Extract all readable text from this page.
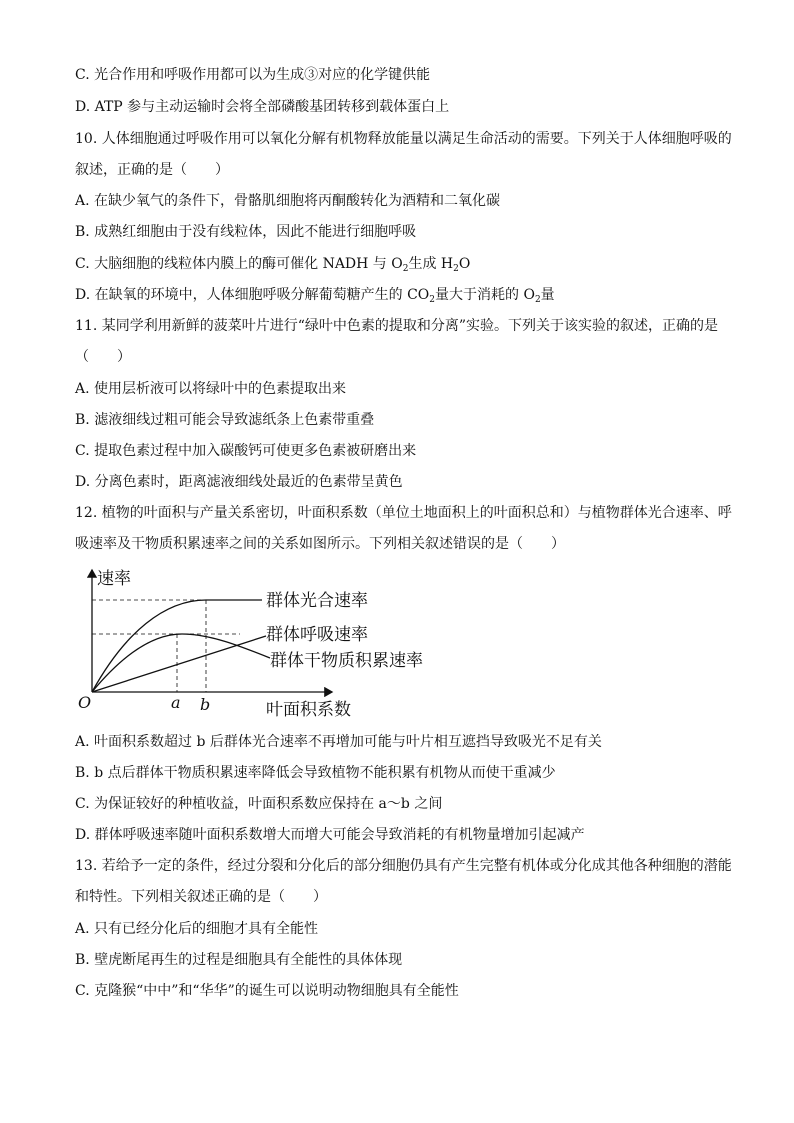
C. 光合作用和呼吸作用都可以为生成③对应的化学键供能
D. ATP 参与主动运输时会将全部磷酸基团转移到载体蛋白上
10. 人体细胞通过呼吸作用可以氧化分解有机物释放能量以满足生命活动的需要。下列关于人体细胞呼吸的
叙述，正确的是（　　）
A. 在缺少氧气的条件下，骨骼肌细胞将丙酮酸转化为酒精和二氧化碳
B. 成熟红细胞由于没有线粒体，因此不能进行细胞呼吸
C. 大脑细胞的线粒体内膜上的酶可催化 NADH 与 $O_2$生成 $H_2O$
D. 在缺氧的环境中，人体细胞呼吸分解葡萄糖产生的 $CO_2$量大于消耗的 $O_2$量
11. 某同学利用新鲜的菠菜叶片进行“绿叶中色素的提取和分离”实验。下列关于该实验的叙述，正确的是
（　　）
A. 使用层析液可以将绿叶中的色素提取出来
B. 滤液细线过粗可能会导致滤纸条上色素带重叠
C. 提取色素过程中加入碳酸钙可使更多色素被研磨出来
D. 分离色素时，距离滤液细线处最近的色素带呈黄色
12. 植物的叶面积与产量关系密切，叶面积系数（单位土地面积上的叶面积总和）与植物群体光合速率、呼
吸速率及干物质积累速率之间的关系如图所示。下列相关叙述错误的是（　　）
速率
叶面积系数
O	a b
群体光合速率
群体呼吸速率
群体干物质积累速率
A. 叶面积系数超过 b 后群体光合速率不再增加可能与叶片相互遮挡导致吸光不足有关
B. b 点后群体干物质积累速率降低会导致植物不能积累有机物从而使干重减少
C. 为保证较好的种植收益，叶面积系数应保持在 a～b 之间
D. 群体呼吸速率随叶面积系数增大而增大可能会导致消耗的有机物量增加引起减产
13. 若给予一定的条件，经过分裂和分化后的部分细胞仍具有产生完整有机体或分化成其他各种细胞的潜能
和特性。下列相关叙述正确的是（　　）
A. 只有已经分化后的细胞才具有全能性
B. 壁虎断尾再生的过程是细胞具有全能性的具体体现
C. 克隆猴“中中”和“华华”的诞生可以说明动物细胞具有全能性
